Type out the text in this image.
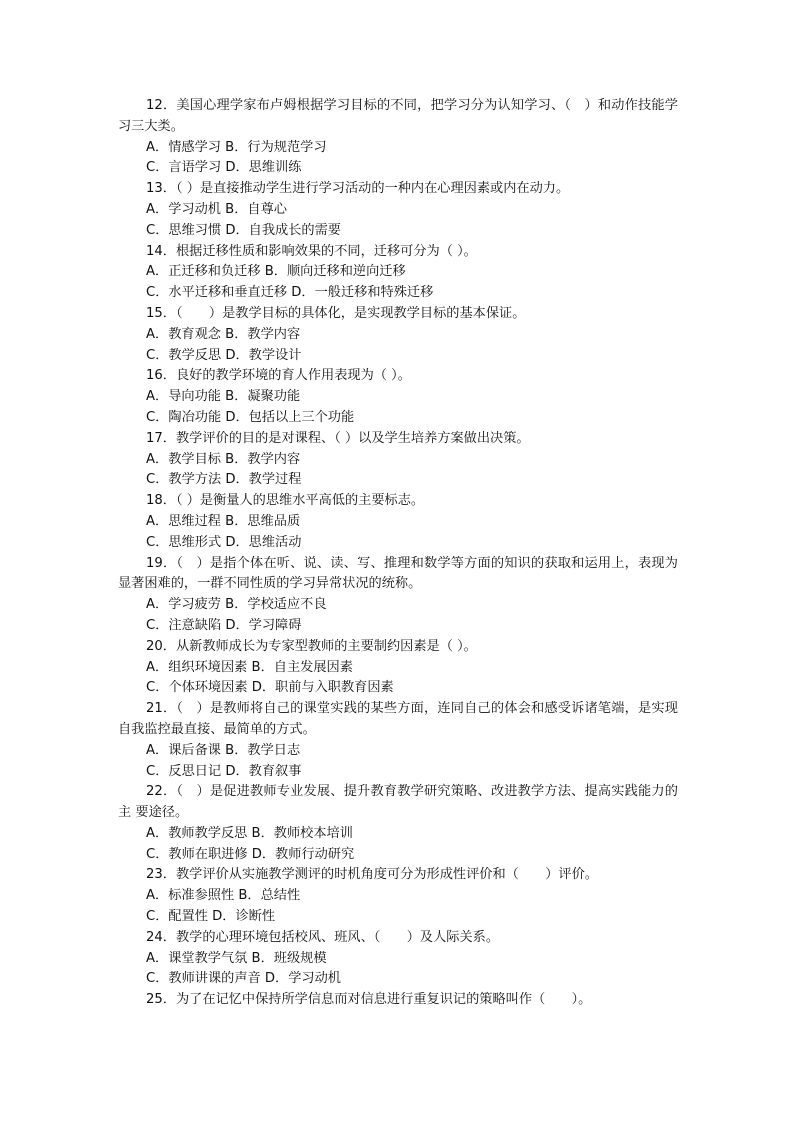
12．美国心理学家布卢姆根据学习目标的不同，把学习分为认知学习、（　）和动作技能学习三大类。

A．情感学习 B．行为规范学习

C．言语学习 D．思维训练

13．（ ）是直接推动学生进行学习活动的一种内在心理因素或内在动力。

A．学习动机 B．自尊心

C．思维习惯 D．自我成长的需要

14．根据迁移性质和影响效果的不同，迁移可分为（ ）。

A．正迁移和负迁移 B．顺向迁移和逆向迁移

C．水平迁移和垂直迁移 D．一般迁移和特殊迁移

15．（　　）是教学目标的具体化，是实现教学目标的基本保证。

A．教育观念 B．教学内容

C．教学反思 D．教学设计

16．良好的教学环境的育人作用表现为（ ）。

A．导向功能 B．凝聚功能

C．陶冶功能 D．包括以上三个功能

17．教学评价的目的是对课程、（ ）以及学生培养方案做出决策。

A．教学目标 B．教学内容

C．教学方法 D．教学过程

18．（ ）是衡量人的思维水平高低的主要标志。

A．思维过程 B．思维品质

C．思维形式 D．思维活动

19．（　）是指个体在听、说、读、写、推理和数学等方面的知识的获取和运用上，表现为显著困难的，一群不同性质的学习异常状况的统称。

A．学习疲劳 B．学校适应不良

C．注意缺陷 D．学习障碍

20．从新教师成长为专家型教师的主要制约因素是（ ）。

A．组织环境因素 B．自主发展因素

C．个体环境因素 D．职前与入职教育因素

21．（　）是教师将自己的课堂实践的某些方面，连同自己的体会和感受诉诸笔端，是实现 自我监控最直接、最简单的方式。

A．课后备课 B．教学日志

C．反思日记 D．教育叙事

22．（　）是促进教师专业发展、提升教育教学研究策略、改进教学方法、提高实践能力的主 要途径。

A．教师教学反思 B．教师校本培训

C．教师在职进修 D．教师行动研究

23．教学评价从实施教学测评的时机角度可分为形成性评价和（　　）评价。

A．标准参照性 B．总结性

C．配置性 D．诊断性

24．教学的心理环境包括校风、班风、（　　）及人际关系。

A．课堂教学气氛 B．班级规模

C．教师讲课的声音 D．学习动机

25．为了在记忆中保持所学信息而对信息进行重复识记的策略叫作（　　）。
